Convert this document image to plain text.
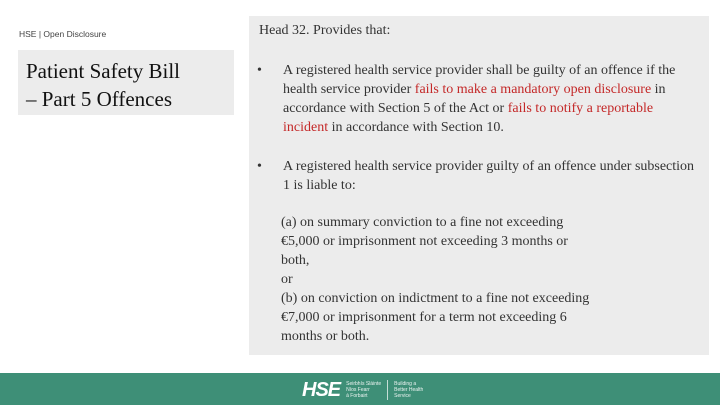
HSE | Open Disclosure
Patient Safety Bill
– Part 5 Offences
Head 32. Provides that:
• A registered health service provider shall be guilty of an offence if the health service provider fails to make a mandatory open disclosure in accordance with Section 5 of the Act or fails to notify a reportable incident in accordance with Section 10.
• A registered health service provider guilty of an offence under subsection 1 is liable to:
(a) on summary conviction to a fine not exceeding
€5,000 or imprisonment not exceeding 3 months or
both,
or
(b) on conviction on indictment to a fine not exceeding
€7,000 or imprisonment for a term not exceeding 6
months or both.
HSE Seirbhís Sláinte
Níos Fearr
á Forbairt
Building a
Better Health
Service
